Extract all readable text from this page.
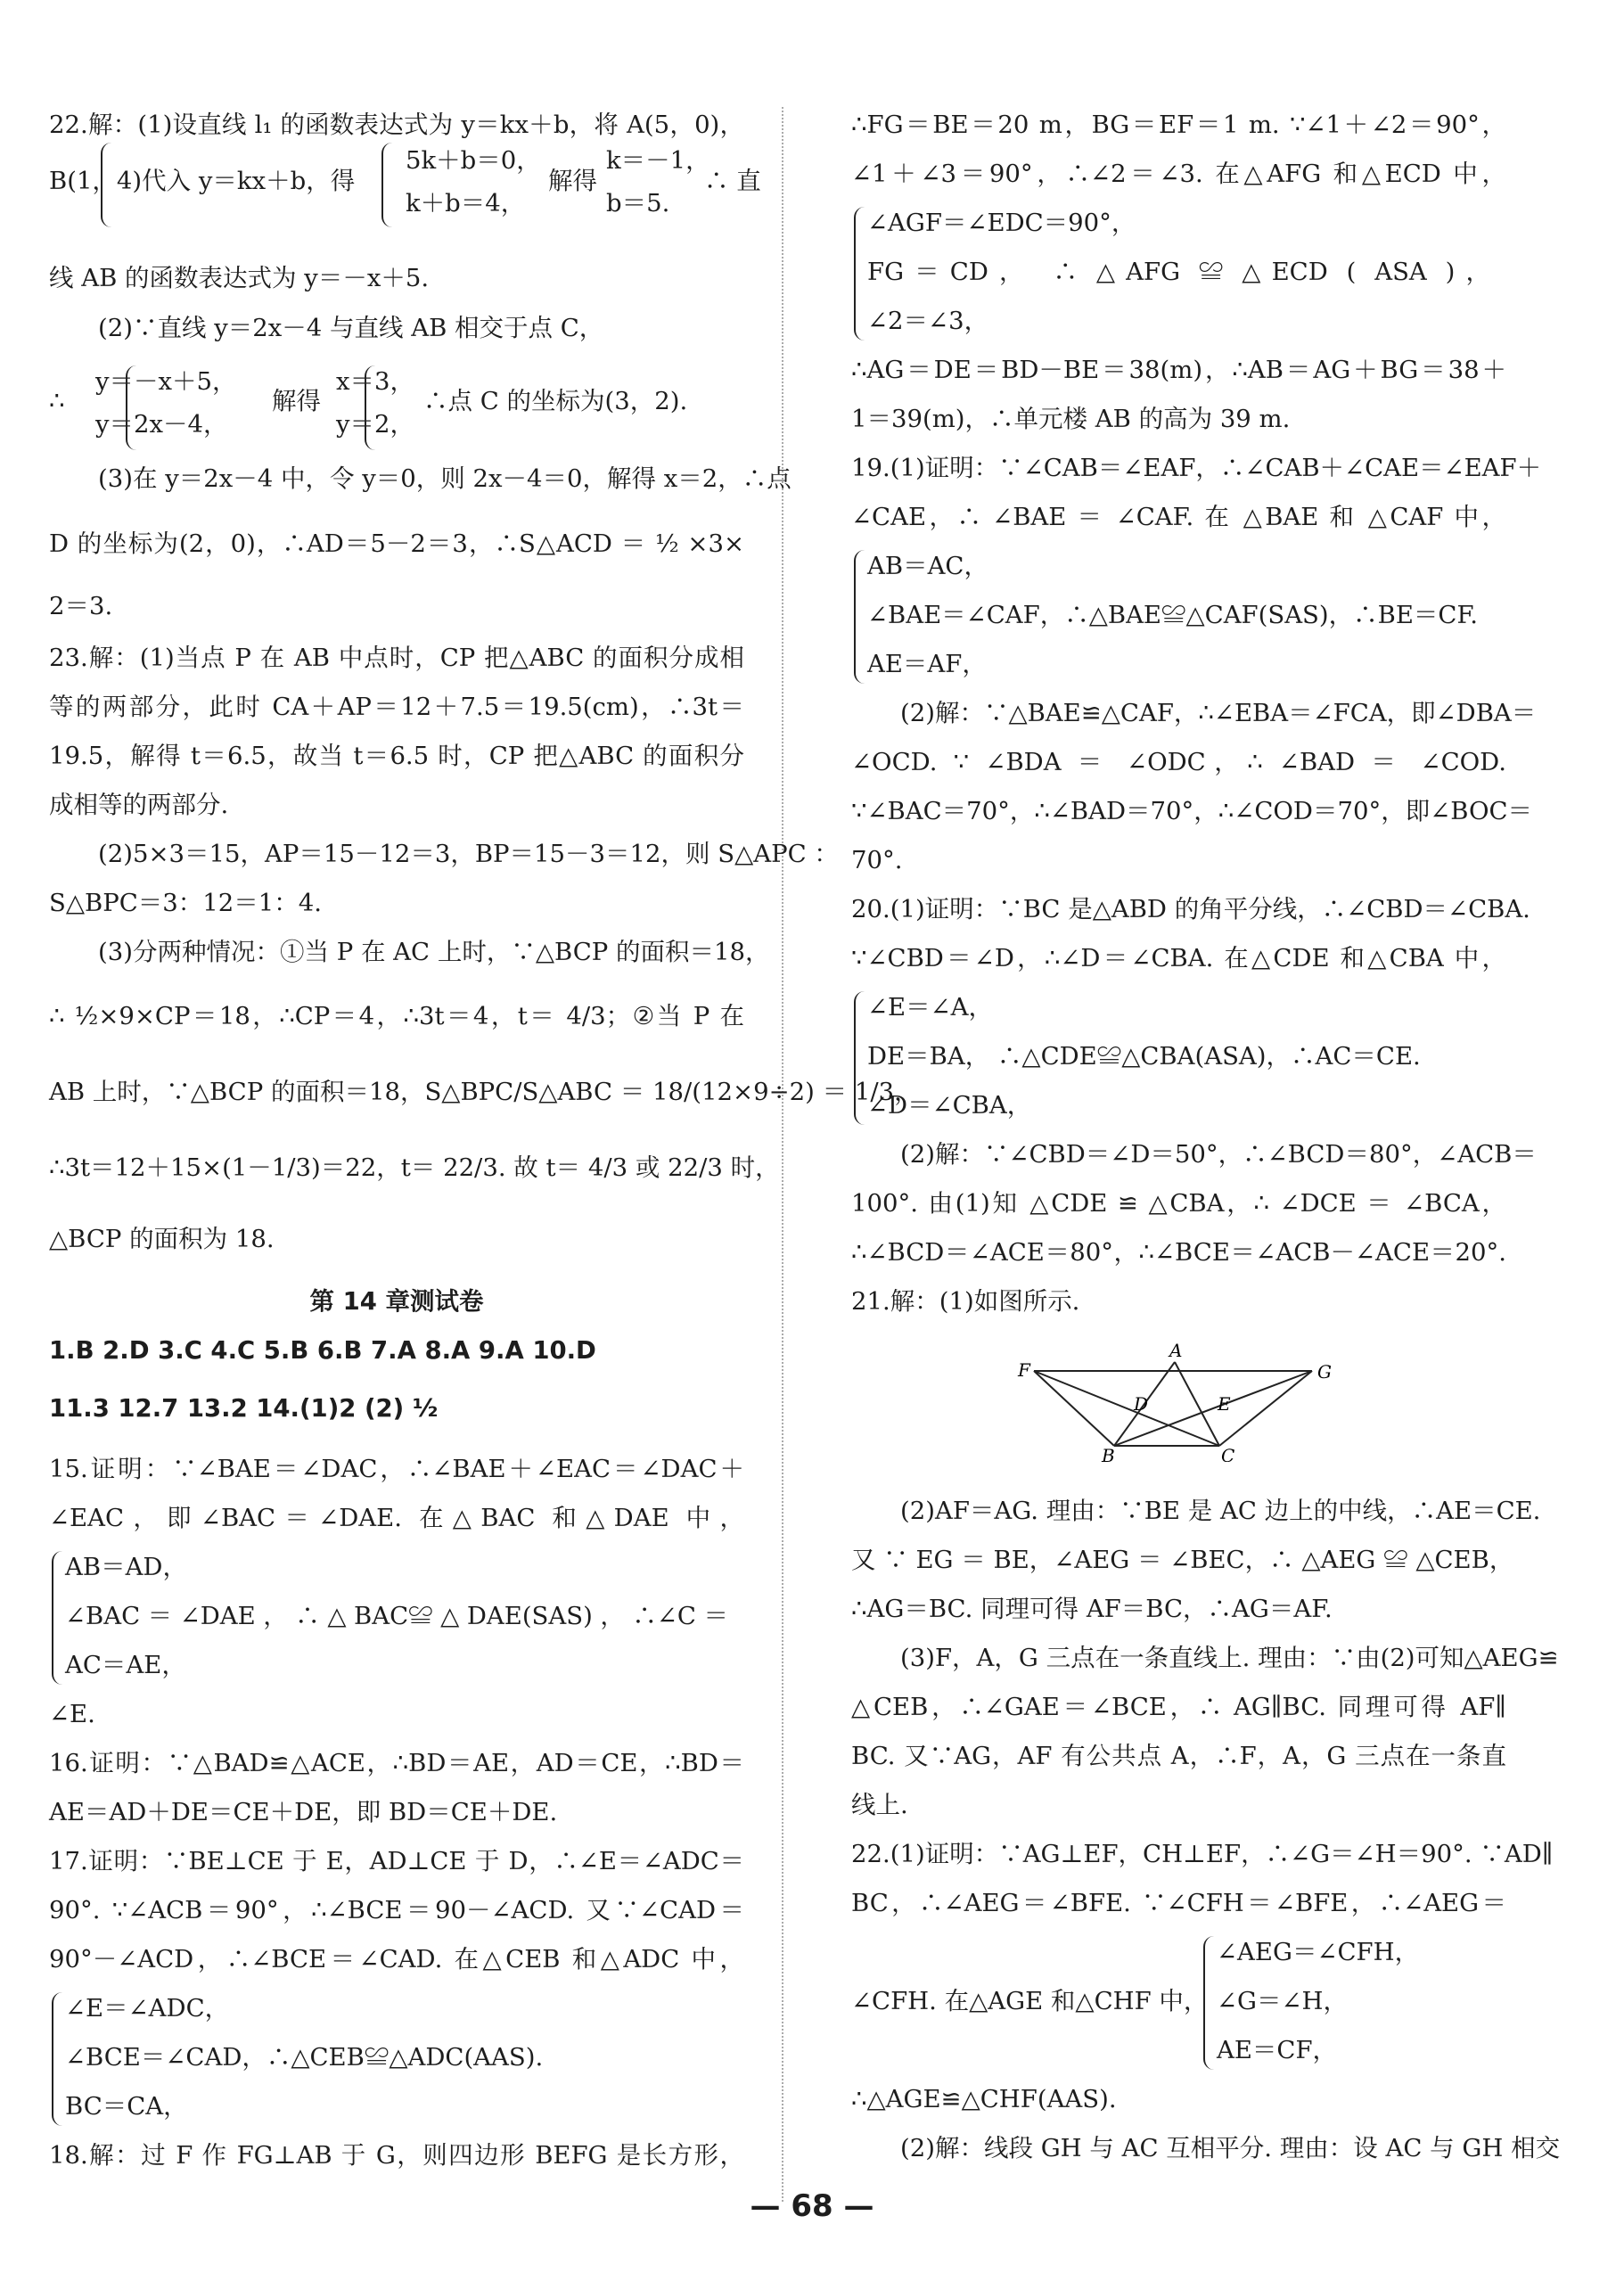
22.解：(1)设直线 l₁ 的函数表达式为 y＝kx＋b，将 A(5，0)，
B(1，4)代入 y＝kx＋b，得
5k＋b＝0，
k＋b＝4，
解得
k＝－1，
b＝5.
∴ 直
线 AB 的函数表达式为 y＝－x＋5.
(2)∵直线 y＝2x－4 与直线 AB 相交于点 C，
∴
y＝－x＋5，
y＝2x－4，
解得
x＝3，
y＝2，
∴点 C 的坐标为(3，2).
(3)在 y＝2x－4 中，令 y＝0，则 2x－4＝0，解得 x＝2，∴点
D 的坐标为(2，0)，∴AD＝5－2＝3，∴S△ACD ＝ ½ ×3×
2＝3.
23.解：(1)当点 P 在 AB 中点时，CP 把△ABC 的面积分成相
等的两部分，此时 CA＋AP＝12＋7.5＝19.5(cm)，∴3t＝
19.5，解得 t＝6.5，故当 t＝6.5 时，CP 把△ABC 的面积分
成相等的两部分.
(2)5×3＝15，AP＝15－12＝3，BP＝15－3＝12，则 S△APC ：
S△BPC＝3：12＝1：4.
(3)分两种情况：①当 P 在 AC 上时，∵△BCP 的面积＝18，
∴ ½×9×CP＝18，∴CP＝4，∴3t＝4，t＝ 4/3；②当 P 在
AB 上时，∵△BCP 的面积＝18，S△BPC/S△ABC ＝ 18/(12×9÷2) ＝ 1/3，
∴3t＝12＋15×(1－1/3)＝22，t＝ 22/3. 故 t＝ 4/3 或 22/3 时，
△BCP 的面积为 18.
15.证明：∵∠BAE＝∠DAC，∴∠BAE＋∠EAC＝∠DAC＋
∠EAC，即∠BAC＝∠DAE. 在△BAC 和△DAE 中，
AB＝AD，
∠BAC＝∠DAE，∴△BAC≌△DAE(SAS)，∴∠C＝
AC＝AE，
∠E.
16.证明：∵△BAD≌△ACE，∴BD＝AE，AD＝CE，∴BD＝
AE＝AD＋DE＝CE＋DE，即 BD＝CE＋DE.
17.证明：∵BE⊥CE 于 E，AD⊥CE 于 D，∴∠E＝∠ADC＝
90°. ∵∠ACB＝90°，∴∠BCE＝90－∠ACD. 又∵∠CAD＝
90°－∠ACD，∴∠BCE＝∠CAD. 在△CEB 和△ADC 中，
∠E＝∠ADC，
∠BCE＝∠CAD，∴△CEB≌△ADC(AAS).
BC＝CA，
18.解：过 F 作 FG⊥AB 于 G，则四边形 BEFG 是长方形，
∴FG＝BE＝20 m，BG＝EF＝1 m. ∵∠1＋∠2＝90°，
∠1＋∠3＝90°，∴∠2＝∠3. 在△AFG 和△ECD 中，
∠AGF＝∠EDC＝90°，
FG＝CD， ∴ △AFG ≌ △ECD ( ASA )，
∠2＝∠3，
∴AG＝DE＝BD－BE＝38(m)，∴AB＝AG＋BG＝38＋
1＝39(m)，∴单元楼 AB 的高为 39 m.
19.(1)证明：∵∠CAB＝∠EAF，∴∠CAB＋∠CAE＝∠EAF＋
∠CAE，∴ ∠BAE ＝ ∠CAF. 在 △BAE 和 △CAF 中，
AB＝AC，
∠BAE＝∠CAF，∴△BAE≌△CAF(SAS)，∴BE＝CF.
AE＝AF，
(2)解：∵△BAE≌△CAF，∴∠EBA＝∠FCA，即∠DBA＝
∠OCD. ∵ ∠BDA ＝ ∠ODC，∴ ∠BAD ＝ ∠COD.
∵∠BAC＝70°，∴∠BAD＝70°，∴∠COD＝70°，即∠BOC＝
70°.
20.(1)证明：∵BC 是△ABD 的角平分线，∴∠CBD＝∠CBA.
∵∠CBD＝∠D，∴∠D＝∠CBA. 在△CDE 和△CBA 中，
∠E＝∠A，
DE＝BA， ∴△CDE≌△CBA(ASA)，∴AC＝CE.
∠D＝∠CBA，
(2)解：∵∠CBD＝∠D＝50°，∴∠BCD＝80°，∠ACB＝
100°. 由(1)知 △CDE ≌ △CBA，∴ ∠DCE ＝ ∠BCA，
∴∠BCD＝∠ACE＝80°，∴∠BCE＝∠ACB－∠ACE＝20°.
21.解：(1)如图所示.
(2)AF＝AG. 理由：∵BE 是 AC 边上的中线，∴AE＝CE.
又 ∵ EG ＝ BE，∠AEG ＝ ∠BEC，∴ △AEG ≌ △CEB，
∴AG＝BC. 同理可得 AF＝BC，∴AG＝AF.
(3)F，A，G 三点在一条直线上. 理由：∵由(2)可知△AEG≌
△CEB，∴∠GAE＝∠BCE，∴ AG∥BC. 同理可得 AF∥
BC. 又∵AG，AF 有公共点 A，∴F，A，G 三点在一条直
线上.
22.(1)证明：∵AG⊥EF，CH⊥EF，∴∠G＝∠H＝90°. ∵AD∥
BC，∴∠AEG＝∠BFE. ∵∠CFH＝∠BFE，∴∠AEG＝
∠AEG＝∠CFH，
∠CFH. 在△AGE 和△CHF 中， ∠G＝∠H，
AE＝CF，
∴△AGE≌△CHF(AAS).
(2)解：线段 GH 与 AC 互相平分. 理由：设 AC 与 GH 相交
第 14 章测试卷
1.B 2.D 3.C 4.C 5.B 6.B 7.A 8.A 9.A 10.D
11.3 12.7 13.2 14.(1)2 (2) ½
F
A
G
D	E
B	C
— 68 —
